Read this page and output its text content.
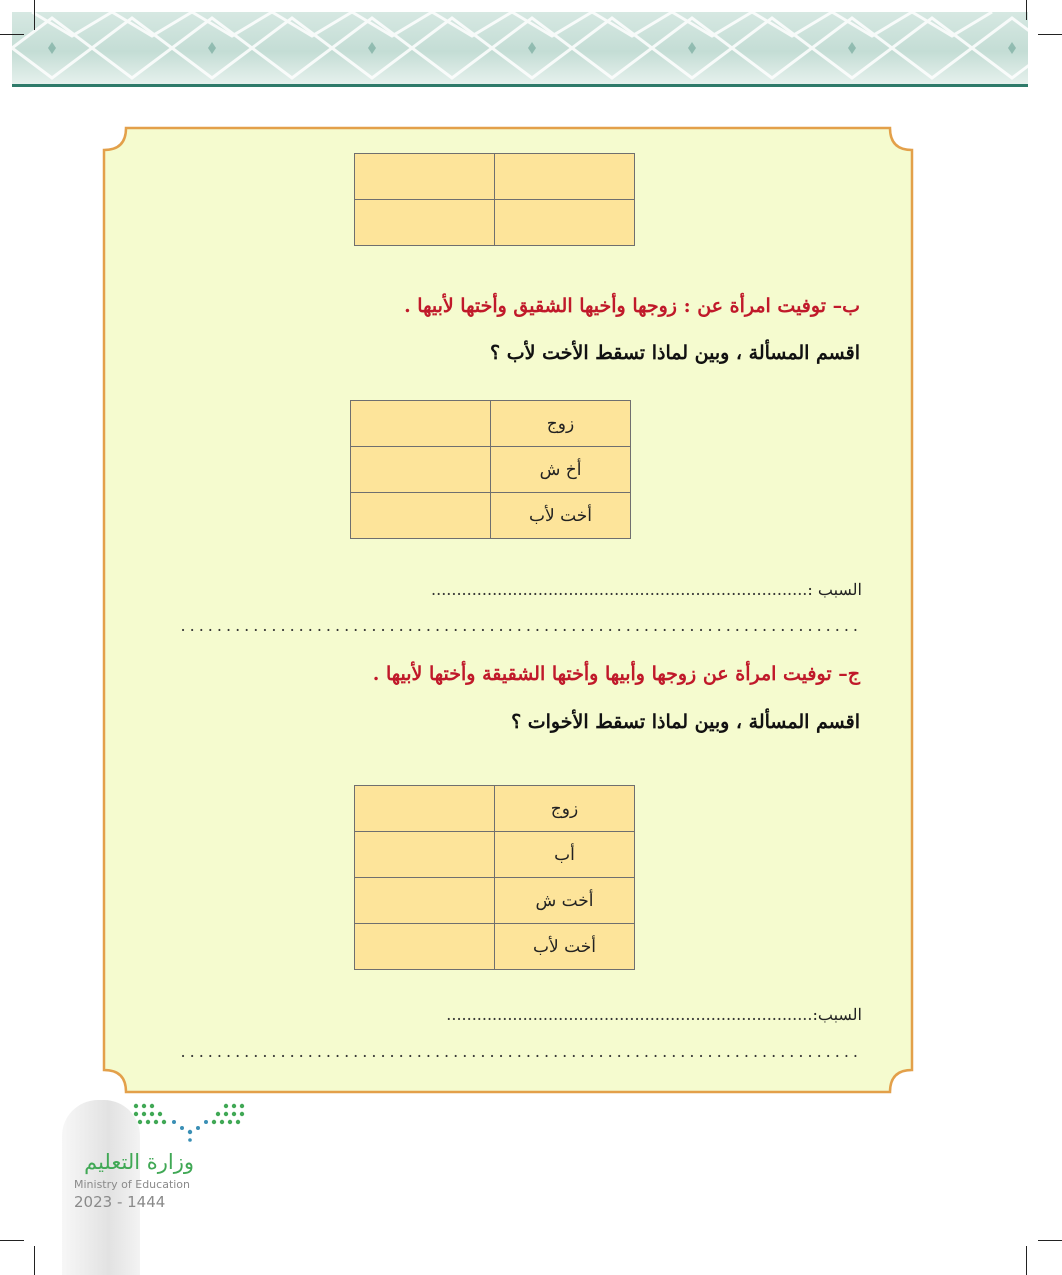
ب– توفيت امرأة عن : زوجها وأخيها الشقيق وأختها لأبيها .
اقسم المسألة ، وبين لماذا تسقط الأخت لأب ؟
	زوج
	أخ ش
	أخت لأب
السبب :..........................................................................
...........................................................................
ج– توفيت امرأة عن زوجها وأبيها وأختها الشقيقة وأختها لأبيها .
اقسم المسألة ، وبين لماذا تسقط الأخوات ؟
	زوج
	أب
	أخت ش
	أخت لأب
السبب:........................................................................
...........................................................................
وزارة التعليم
Ministry of Education
2023 - 1444
